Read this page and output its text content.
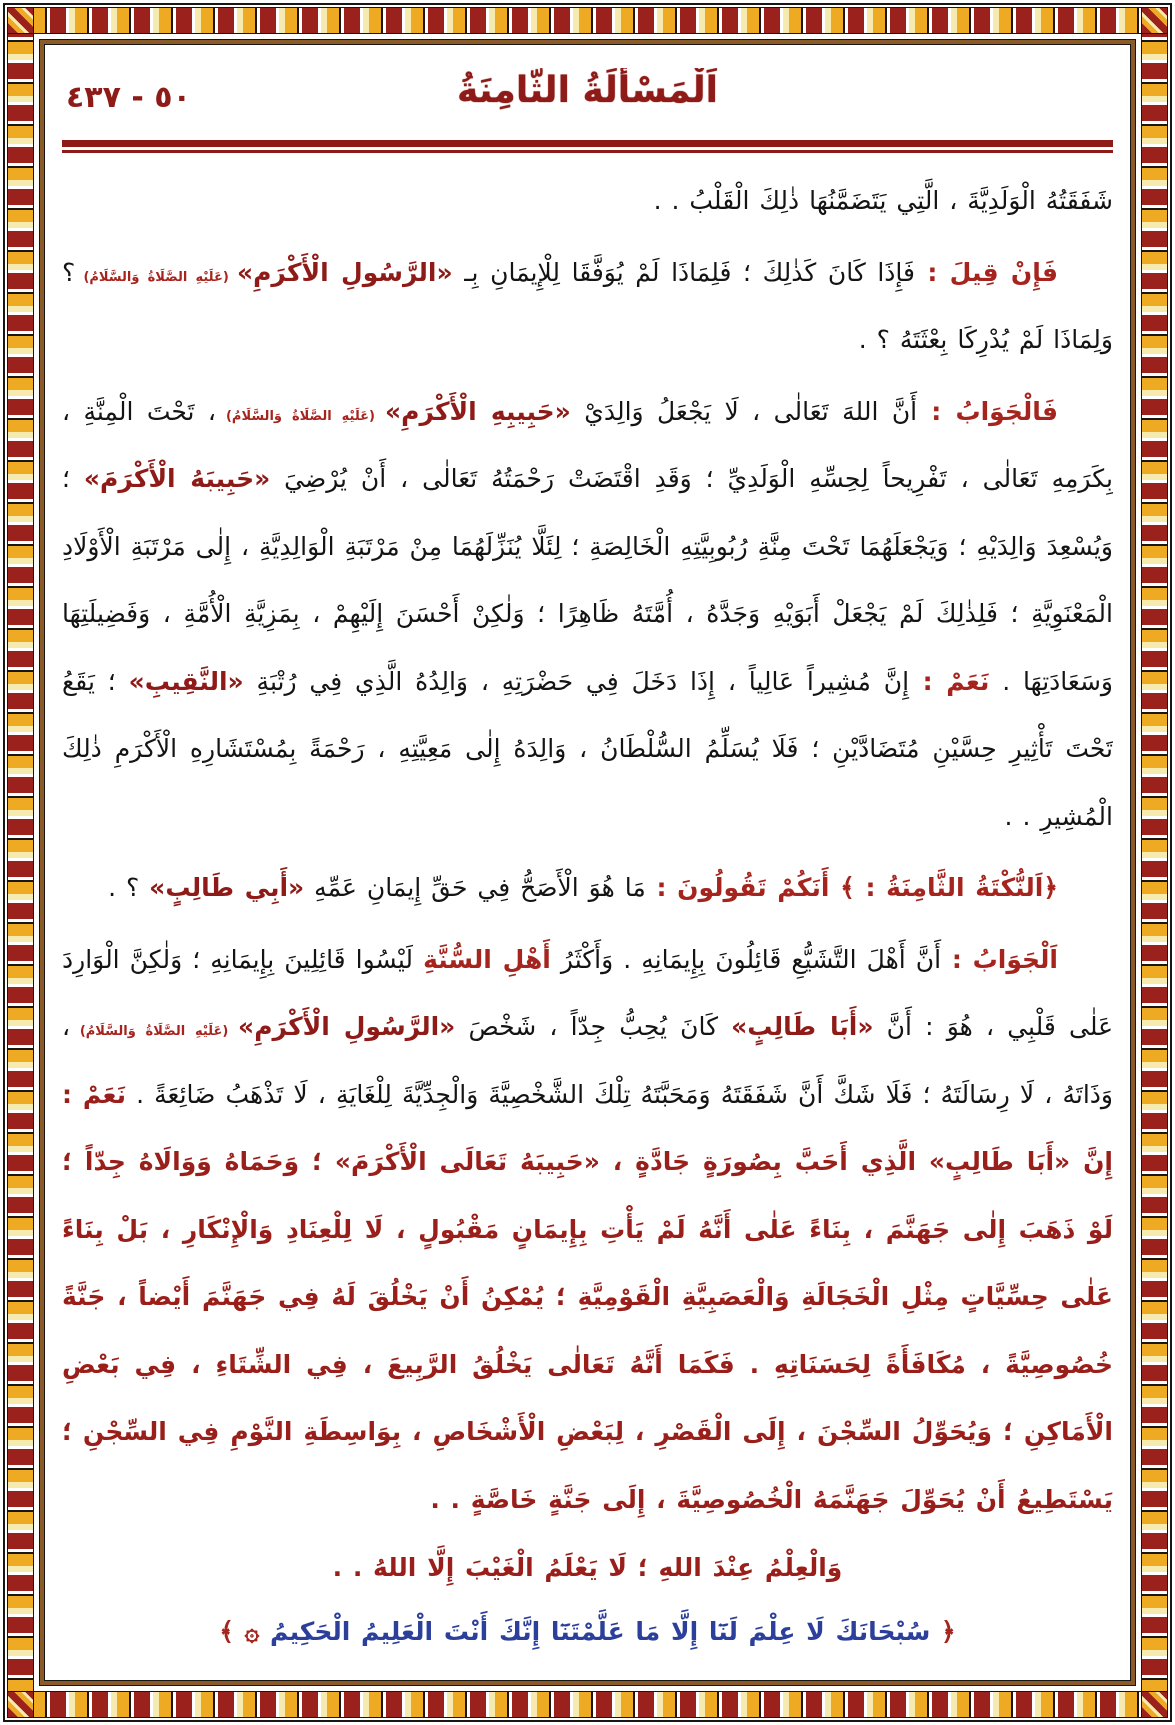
٥٠ - ٤٣٧	اَلْمَسْأَلَةُ الثَّامِنَةُ

شَفَقَتُهُ الْوَلَدِيَّةَ ، الَّتِي يَتَضَمَّنُهَا ذٰلِكَ الْقَلْبُ . .

فَإِنْ قِيلَ : فَإِذَا كَانَ كَذٰلِكَ ؛ فَلِمَاذَا لَمْ يُوَفَّقَا لِلْإِيمَانِ بِـ «الرَّسُولِ الْأَكْرَمِ» (عَلَيْهِ الصَّلَاةُ وَالسَّلَامُ) ؟ وَلِمَاذَا لَمْ يُدْرِكَا بِعْثَتَهُ ؟ .

فَالْجَوَابُ : أَنَّ اللهَ تَعَالٰى ، لَا يَجْعَلُ وَالِدَيْ «حَبِيبِهِ الْأَكْرَمِ» (عَلَيْهِ الصَّلَاةُ وَالسَّلَامُ) ، تَحْتَ الْمِنَّةِ ، بِكَرَمِهِ تَعَالٰى ، تَفْرِيحاً لِحِسِّهِ الْوَلَدِيِّ ؛ وَقَدِ اقْتَضَتْ رَحْمَتُهُ تَعَالٰى ، أَنْ يُرْضِيَ «حَبِيبَهُ الْأَكْرَمَ» ؛ وَيُسْعِدَ وَالِدَيْهِ ؛ وَيَجْعَلَهُمَا تَحْتَ مِنَّةِ رُبُوبِيَّتِهِ الْخَالِصَةِ ؛ لِئَلَّا يُنَزِّلَهُمَا مِنْ مَرْتَبَةِ الْوَالِدِيَّةِ ، إِلٰى مَرْتَبَةِ الْأَوْلَادِ الْمَعْنَوِيَّةِ ؛ فَلِذٰلِكَ لَمْ يَجْعَلْ أَبَوَيْهِ وَجَدَّهُ ، أُمَّتَهُ ظَاهِرًا ؛ وَلٰكِنْ أَحْسَنَ إِلَيْهِمْ ، بِمَزِيَّةِ الْأُمَّةِ ، وَفَضِيلَتِهَا وَسَعَادَتِهَا . نَعَمْ : إِنَّ مُشِيراً عَالِياً ، إِذَا دَخَلَ فِي حَضْرَتِهِ ، وَالِدُهُ الَّذِي فِي رُتْبَةِ «النَّقِيبِ» ؛ يَقَعُ تَحْتَ تَأْثِيرِ حِسَّيْنِ مُتَضَادَّيْنِ ؛ فَلَا يُسَلِّمُ السُّلْطَانُ ، وَالِدَهُ إِلٰى مَعِيَّتِهِ ، رَحْمَةً بِمُسْتَشَارِهِ الْأَكْرَمِ ذٰلِكَ الْمُشِيرِ . .

﴿اَلنُّكْتَةُ الثَّامِنَةُ : ﴾ أَنَكُمْ تَقُولُونَ : مَا هُوَ الْأَصَحُّ فِي حَقِّ إِيمَانِ عَمِّهِ «أَبِي طَالِبٍ» ؟ .

اَلْجَوَابُ : أَنَّ أَهْلَ التَّشَيُّعِ قَائِلُونَ بِإِيمَانِهِ . وَأَكْثَرُ أَهْلِ السُّنَّةِ لَيْسُوا قَائِلِينَ بِإِيمَانِهِ ؛ وَلٰكِنَّ الْوَارِدَ عَلٰى قَلْبِي ، هُوَ : أَنَّ «أَبَا طَالِبٍ» كَانَ يُحِبُّ جِدّاً ، شَخْصَ «الرَّسُولِ الْأَكْرَمِ» (عَلَيْهِ الصَّلَاةُ وَالسَّلَامُ) ، وَذَاتَهُ ، لَا رِسَالَتَهُ ؛ فَلَا شَكَّ أَنَّ شَفَقَتَهُ وَمَحَبَّتَهُ تِلْكَ الشَّخْصِيَّةَ وَالْجِدِّيَّةَ لِلْغَايَةِ ، لَا تَذْهَبُ ضَائِعَةً . نَعَمْ : إِنَّ «أَبَا طَالِبٍ» الَّذِي أَحَبَّ بِصُورَةٍ جَادَّةٍ ، «حَبِيبَهُ تَعَالَى الْأَكْرَمَ» ؛ وَحَمَاهُ وَوَالَاهُ جِدّاً ؛ لَوْ ذَهَبَ إِلٰى جَهَنَّمَ ، بِنَاءً عَلٰى أَنَّهُ لَمْ يَأْتِ بِإِيمَانٍ مَقْبُولٍ ، لَا لِلْعِنَادِ وَالْإِنْكَارِ ، بَلْ بِنَاءً عَلٰى حِسِّيَّاتٍ مِثْلِ الْخَجَالَةِ وَالْعَصَبِيَّةِ الْقَوْمِيَّةِ ؛ يُمْكِنُ أَنْ يَخْلُقَ لَهُ فِي جَهَنَّمَ أَيْضاً ، جَنَّةً خُصُوصِيَّةً ، مُكَافَأَةً لِحَسَنَاتِهِ . فَكَمَا أَنَّهُ تَعَالٰى يَخْلُقُ الرَّبِيعَ ، فِي الشِّتَاءِ ، فِي بَعْضِ الْأَمَاكِنِ ؛ وَيُحَوِّلُ السِّجْنَ ، إِلَى الْقَصْرِ ، لِبَعْضِ الْأَشْخَاصِ ، بِوَاسِطَةِ النَّوْمِ فِي السِّجْنِ ؛ يَسْتَطِيعُ أَنْ يُحَوِّلَ جَهَنَّمَهُ الْخُصُوصِيَّةَ ، إِلَى جَنَّةٍ خَاصَّةٍ . .

وَالْعِلْمُ عِنْدَ اللهِ ؛ لَا يَعْلَمُ الْغَيْبَ إِلَّا اللهُ . .

﴿ سُبْحَانَكَ لَا عِلْمَ لَنَٓا إِلَّا مَا عَلَّمْتَنَٓا إِنَّكَ أَنْتَ الْعَلِيمُ الْحَكِيمُ ۞ ﴾
